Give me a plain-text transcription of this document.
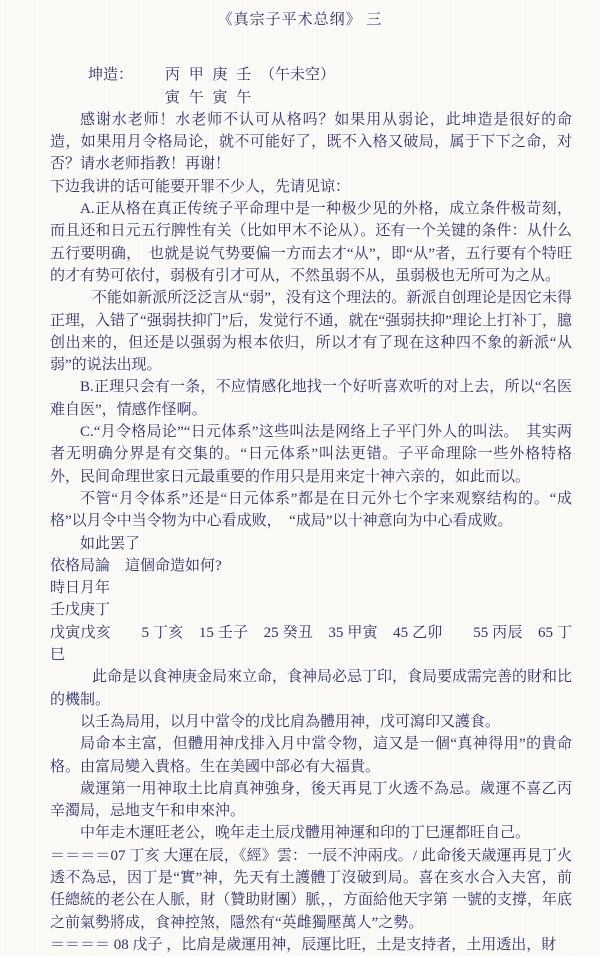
《真宗子平术总纲》 三
坤造： 丙 甲 庚 壬 （午未空）
寅 午 寅 午

感谢水老师！水老师不认可从格吗？如果用从弱论，此坤造是很好的命造，如果用月令格局论，就不可能好了，既不入格又破局，属于下下之命，对否？请水老师指教！再谢！

下边我讲的话可能要开罪不少人，先请见谅：

A.正从格在真正传统子平命理中是一种极少见的外格，成立条件极苛刻，而且还和日元五行脾性有关（比如甲木不论从）。还有一个关键的条件：从什么五行要明确，　也就是说气势要偏一方而去才“从”，即“从”者，五行要有个特旺的才有势可依付，弱极有引才可从，不然虽弱不从，虽弱极也无所可为之从。

不能如新派所泛泛言从“弱”，没有这个理法的。新派自创理论是因它未得正理，入错了“强弱扶抑门”后，发觉行不通，就在“强弱扶抑”理论上打补丁，臆创出来的，但还是以强弱为根本依归，所以才有了现在这种四不象的新派“从弱”的说法出现。

B.正理只会有一条，不应情感化地找一个好听喜欢听的对上去，所以“名医难自医”，情感作怪啊。

C.“月令格局论”“日元体系”这些叫法是网络上子平门外人的叫法。　其实两者无明确分界是有交集的。“日元体系”叫法更错。子平命理除一些外格特格外，民间命理世家日元最重要的作用只是用来定十神六亲的，如此而以。

不管“月令体系”还是“日元体系”都是在日元外七个字来观察结构的。“成格”以月令中当令物为中心看成败，　“成局”以十神意向为中心看成败。

如此罢了

依格局論　這個命造如何?

時日月年

壬戊庚丁

戊寅戊亥　　5 丁亥　15 壬子　25 癸丑　35 甲寅　45 乙卯　　55 丙辰　65 丁巳

此命是以食神庚金局來立命，食神局必忌丁印，食局要成需完善的財和比的機制。

以壬為局用，以月中當令的戊比肩為體用神，戊可瀉印又護食。

局命本主富，但體用神戊排入月中當令物，這又是一個“真神得用”的貴命格。由富局變入貴格。生在美國中部必有大福貴。

歲運第一用神取土比肩真神強身，後天再見丁火透不為忌。歲運不喜乙丙辛濁局，忌地支午和申來沖。

中年走木運旺老公，晚年走土辰戊體用神運和印的丁巳運都旺自己。

＝＝＝＝07 丁亥 大運在辰，《經》雲：一辰不沖兩戌。/ 此命後天歲運再見丁火透不為忌，因丁是“實”神，先天有土護體丁沒破到局。喜在亥水合入夫宮，前任總統的老公在人脈，財（贊助財團）脈，，方面給他天字第 一號的支撐，年底之前氣勢將成，食神控煞，隱然有“英雌獨壓萬人”之勢。

＝＝＝＝ 08 戊子 ，比肩是歲運用神，辰運比旺，土是支持者，土用透出，財
